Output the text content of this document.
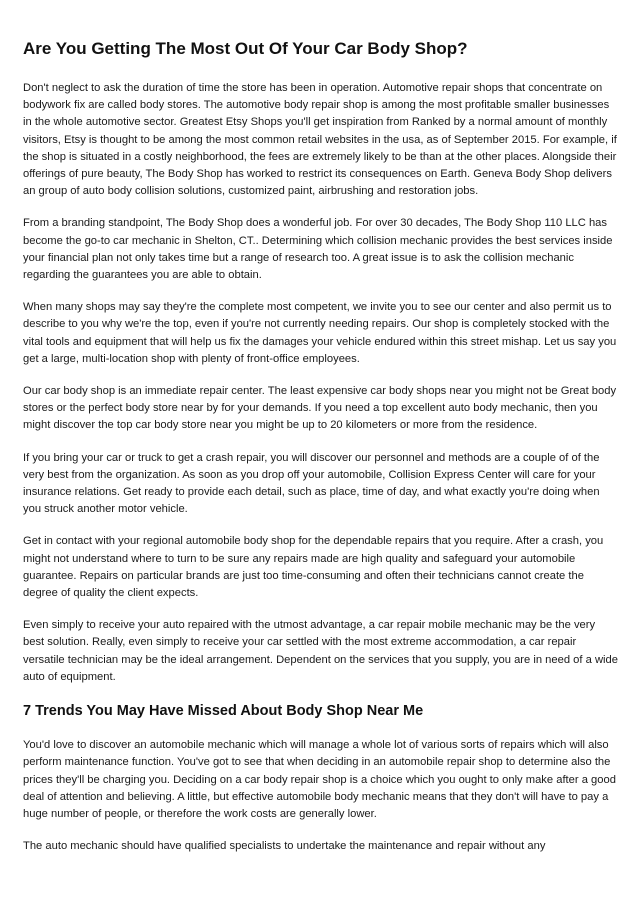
Are You Getting The Most Out Of Your Car Body Shop?

Don't neglect to ask the duration of time the store has been in operation. Automotive repair shops that concentrate on bodywork fix are called body stores. The automotive body repair shop is among the most profitable smaller businesses in the whole automotive sector. Greatest Etsy Shops you'll get inspiration from Ranked by a normal amount of monthly visitors, Etsy is thought to be among the most common retail websites in the usa, as of September 2015. For example, if the shop is situated in a costly neighborhood, the fees are extremely likely to be than at the other places. Alongside their offerings of pure beauty, The Body Shop has worked to restrict its consequences on Earth. Geneva Body Shop delivers an group of auto body collision solutions, customized paint, airbrushing and restoration jobs.

From a branding standpoint, The Body Shop does a wonderful job. For over 30 decades, The Body Shop 110 LLC has become the go-to car mechanic in Shelton, CT.. Determining which collision mechanic provides the best services inside your financial plan not only takes time but a range of research too. A great issue is to ask the collision mechanic regarding the guarantees you are able to obtain.

When many shops may say they're the complete most competent, we invite you to see our center and also permit us to describe to you why we're the top, even if you're not currently needing repairs. Our shop is completely stocked with the vital tools and equipment that will help us fix the damages your vehicle endured within this street mishap. Let us say you get a large, multi-location shop with plenty of front-office employees.

Our car body shop is an immediate repair center. The least expensive car body shops near you might not be Great body stores or the perfect body store near by for your demands. If you need a top excellent auto body mechanic, then you might discover the top car body store near you might be up to 20 kilometers or more from the residence.

If you bring your car or truck to get a crash repair, you will discover our personnel and methods are a couple of of the very best from the organization. As soon as you drop off your automobile, Collision Express Center will care for your insurance relations. Get ready to provide each detail, such as place, time of day, and what exactly you're doing when you struck another motor vehicle.

Get in contact with your regional automobile body shop for the dependable repairs that you require. After a crash, you might not understand where to turn to be sure any repairs made are high quality and safeguard your automobile guarantee. Repairs on particular brands are just too time-consuming and often their technicians cannot create the degree of quality the client expects.

Even simply to receive your auto repaired with the utmost advantage, a car repair mobile mechanic may be the very best solution. Really, even simply to receive your car settled with the most extreme accommodation, a car repair versatile technician may be the ideal arrangement. Dependent on the services that you supply, you are in need of a wide auto of equipment.

7 Trends You May Have Missed About Body Shop Near Me

You'd love to discover an automobile mechanic which will manage a whole lot of various sorts of repairs which will also perform maintenance function. You've got to see that when deciding in an automobile repair shop to determine also the prices they'll be charging you. Deciding on a car body repair shop is a choice which you ought to only make after a good deal of attention and believing. A little, but effective automobile body mechanic means that they don't will have to pay a huge number of people, or therefore the work costs are generally lower.

The auto mechanic should have qualified specialists to undertake the maintenance and repair without any
